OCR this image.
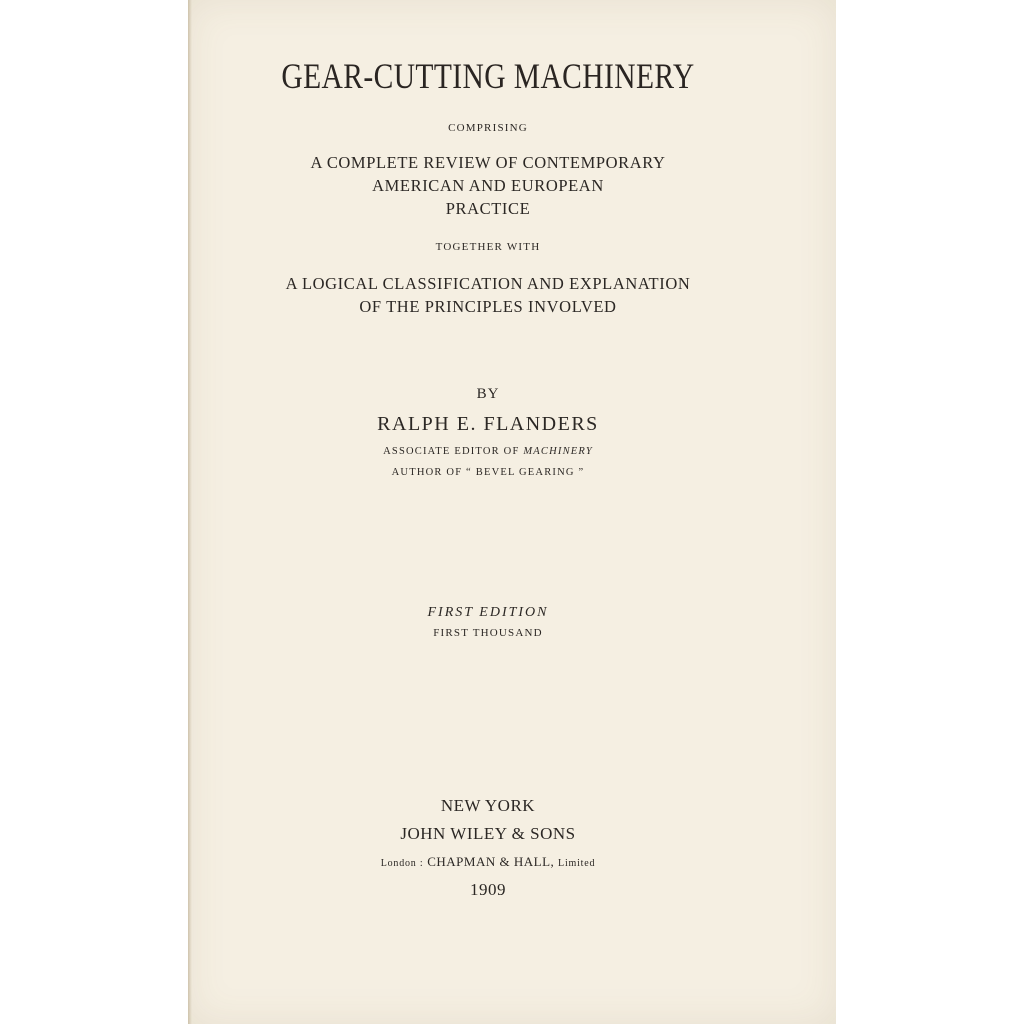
GEAR-CUTTING MACHINERY
COMPRISING
A COMPLETE REVIEW OF CONTEMPORARY
AMERICAN AND EUROPEAN
PRACTICE
TOGETHER WITH
A LOGICAL CLASSIFICATION AND EXPLANATION
OF THE PRINCIPLES INVOLVED
BY
RALPH E. FLANDERS
ASSOCIATE EDITOR OF MACHINERY
AUTHOR OF “ BEVEL GEARING ”
FIRST EDITION
FIRST THOUSAND
NEW YORK
JOHN WILEY & SONS
London : CHAPMAN & HALL, Limited
1909
